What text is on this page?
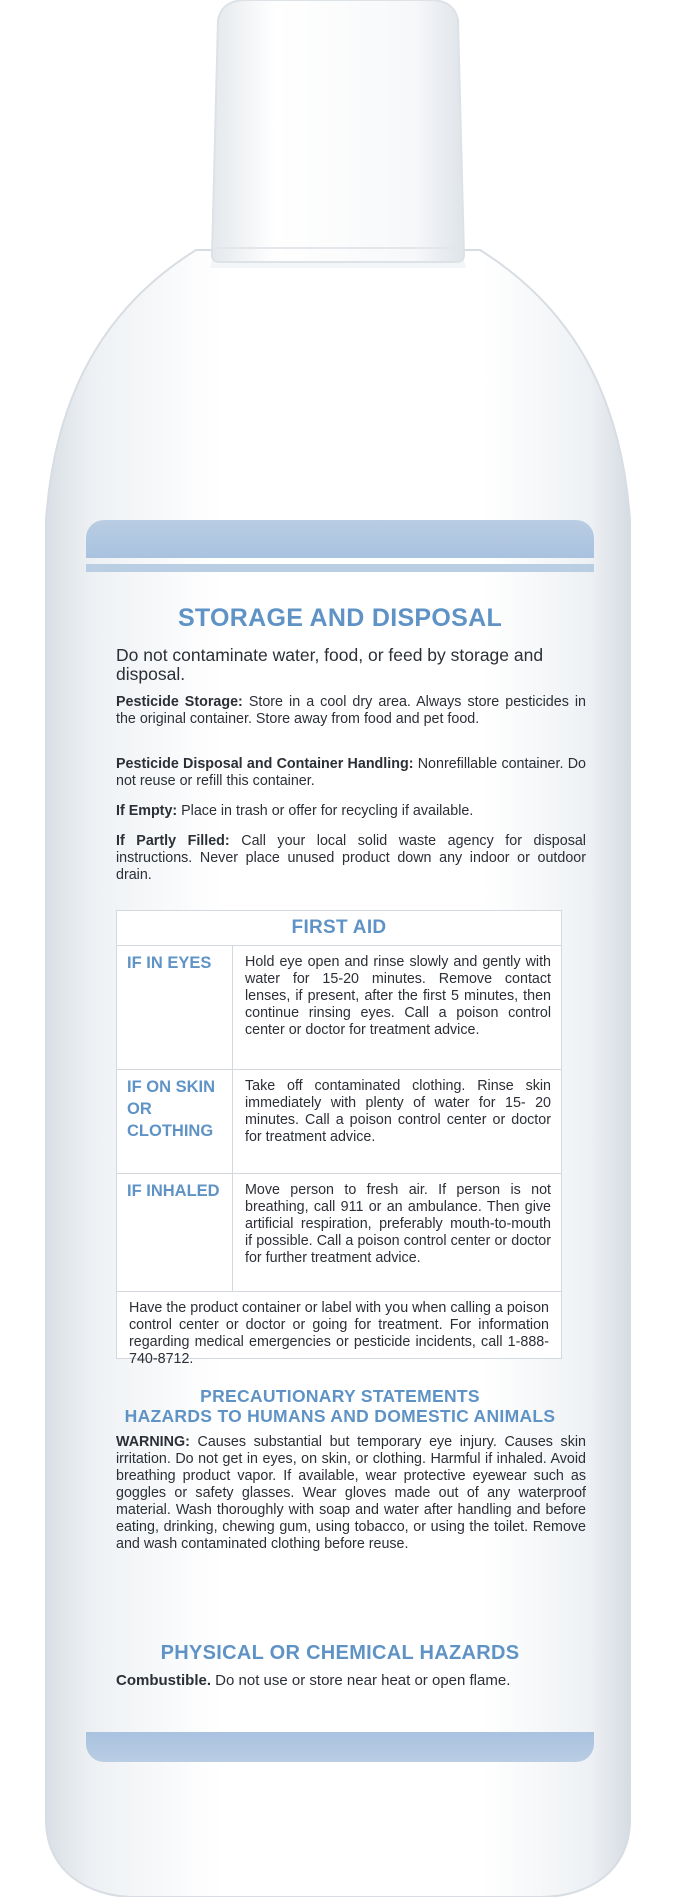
STORAGE AND DISPOSAL
Do not contaminate water, food, or feed by storage and disposal.
Pesticide Storage: Store in a cool dry area. Always store pesticides in the original container. Store away from food and pet food.
Pesticide Disposal and Container Handling: Nonrefillable container. Do not reuse or refill this container.
If Empty: Place in trash or offer for recycling if available.
If Partly Filled: Call your local solid waste agency for disposal instructions. Never place unused product down any indoor or outdoor drain.
FIRST AID
IF IN EYES	Hold eye open and rinse slowly and gently with water for 15-20 minutes. Remove contact lenses, if present, after the first 5 minutes, then continue rinsing eyes. Call a poison control center or doctor for treatment advice.
IF ON SKIN OR CLOTHING
Take off contaminated clothing. Rinse skin immediately with plenty of water for 15- 20 minutes. Call a poison control center or doctor for treatment advice.
IF INHALED	Move person to fresh air. If person is not breathing, call 911 or an ambulance. Then give artificial respiration, preferably mouth-to-mouth if possible. Call a poison control center or doctor for further treatment advice.
Have the product container or label with you when calling a poison control center or doctor or going for treatment. For information regarding medical emergencies or pesticide incidents, call 1-888-740-8712.
PRECAUTIONARY STATEMENTS
HAZARDS TO HUMANS AND DOMESTIC ANIMALS
WARNING: Causes substantial but temporary eye injury. Causes skin irritation. Do not get in eyes, on skin, or clothing. Harmful if inhaled. Avoid breathing product vapor. If available, wear protective eyewear such as goggles or safety glasses. Wear gloves made out of any waterproof material. Wash thoroughly with soap and water after handling and before eating, drinking, chewing gum, using tobacco, or using the toilet. Remove and wash contaminated clothing before reuse.
PHYSICAL OR CHEMICAL HAZARDS
Combustible. Do not use or store near heat or open flame.
